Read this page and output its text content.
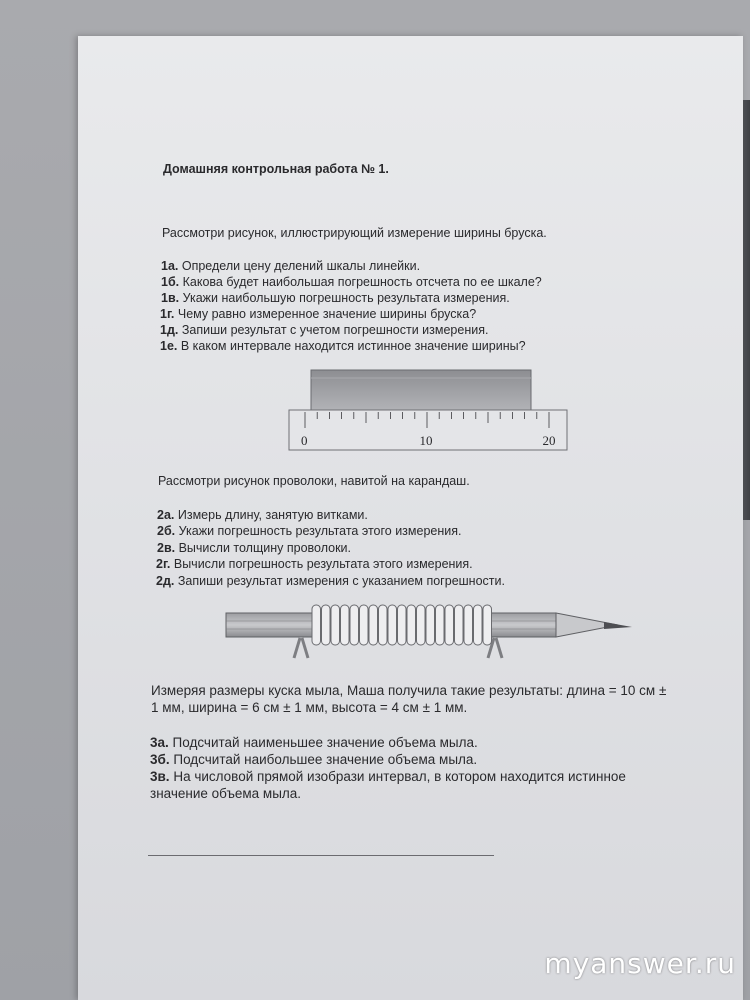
Домашняя контрольная работа № 1.
Рассмотри рисунок, иллюстрирующий измерение ширины бруска.
1а. Определи цену делений шкалы линейки.
1б. Какова будет наибольшая погрешность отсчета по ее шкале?
1в. Укажи наибольшую погрешность результата измерения.
1г. Чему равно измеренное значение ширины бруска?
1д. Запиши результат с учетом погрешности измерения.
1е. В каком интервале находится истинное значение ширины?
0	10	20
Рассмотри рисунок проволоки, навитой на карандаш.
2а. Измерь длину, занятую витками.
2б. Укажи погрешность результата этого измерения.
2в. Вычисли толщину проволоки.
2г. Вычисли погрешность результата этого измерения.
2д. Запиши результат измерения с указанием погрешности.
Измеряя размеры куска мыла, Маша получила такие результаты: длина = 10 см ±
1 мм, ширина = 6 см ± 1 мм, высота = 4 см ± 1 мм.
3а. Подсчитай наименьшее значение объема мыла.
3б. Подсчитай наибольшее значение объема мыла.
3в. На числовой прямой изобрази интервал, в котором находится истинное
значение объема мыла.
myanswer.ru
